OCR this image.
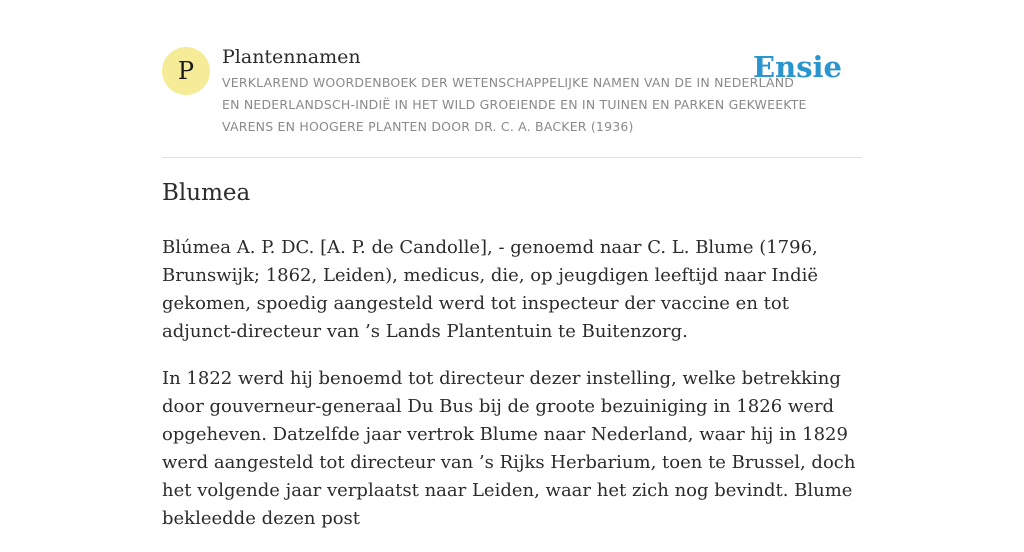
P Plantennamen
VERKLAREND WOORDENBOEK DER WETENSCHAPPELIJKE NAMEN VAN DE IN NEDERLAND EN NEDERLANDSCH-INDIË IN HET WILD GROEIENDE EN IN TUINEN EN PARKEN GEKWEEKTE VARENS EN HOOGERE PLANTEN DOOR DR. C. A. BACKER (1936)
Ensie
Blumea

Blúmea A. P. DC. [A. P. de Candolle], - genoemd naar C. L. Blume (1796, Brunswijk; 1862, Leiden), medicus, die, op jeugdigen leeftijd naar Indië gekomen, spoedig aangesteld werd tot inspecteur der vaccine en tot adjunct-directeur van ’s Lands Plantentuin te Buitenzorg.

In 1822 werd hij benoemd tot directeur dezer instelling, welke betrekking door gouverneur-generaal Du Bus bij de groote bezuiniging in 1826 werd opgeheven. Datzelfde jaar vertrok Blume naar Nederland, waar hij in 1829 werd aangesteld tot directeur van ’s Rijks Herbarium, toen te Brussel, doch het volgende jaar verplaatst naar Leiden, waar het zich nog bevindt. Blume bekleedde dezen post
